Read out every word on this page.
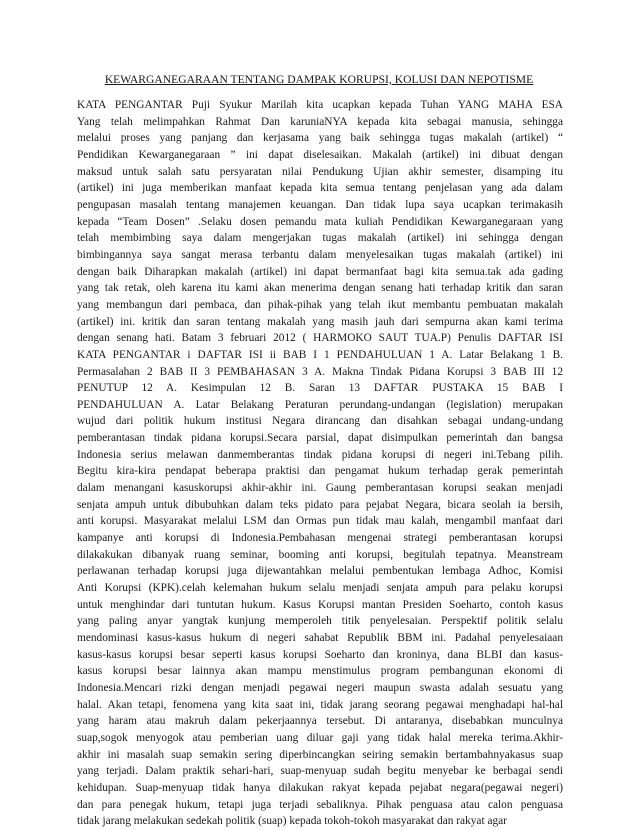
KEWARGANEGARAAN TENTANG DAMPAK KORUPSI, KOLUSI DAN NEPOTISME
KATA PENGANTAR Puji Syukur Marilah kita ucapkan kepada Tuhan YANG MAHA ESA
Yang telah melimpahkan Rahmat Dan karuniaNYA kepada kita sebagai manusia, sehingga
melalui proses yang panjang dan kerjasama yang baik sehingga tugas makalah (artikel) “
Pendidikan Kewarganegaraan ” ini dapat diselesaikan. Makalah (artikel) ini dibuat dengan
maksud untuk salah satu persyaratan nilai Pendukung Ujian akhir semester, disamping itu
(artikel) ini juga memberikan manfaat kepada kita semua tentang penjelasan yang ada dalam
pengupasan masalah tentang manajemen keuangan. Dan tidak lupa saya ucapkan terimakasih
kepada “Team Dosen” .Selaku dosen pemandu mata kuliah Pendidikan Kewarganegaraan yang
telah membimbing saya dalam mengerjakan tugas makalah (artikel) ini sehingga dengan
bimbingannya saya sangat merasa terbantu dalam menyelesaikan tugas makalah (artikel) ini
dengan baik Diharapkan makalah (artikel) ini dapat bermanfaat bagi kita semua.tak ada gading
yang tak retak, oleh karena itu kami akan menerima dengan senang hati terhadap kritik dan saran
yang membangun dari pembaca, dan pihak-pihak yang telah ikut membantu pembuatan makalah
(artikel) ini. kritik dan saran tentang makalah yang masih jauh dari sempurna akan kami terima
dengan senang hati. Batam 3 februari 2012 ( HARMOKO SAUT TUA.P) Penulis DAFTAR ISI
KATA PENGANTAR i DAFTAR ISI ii BAB I 1 PENDAHULUAN 1 A. Latar Belakang 1 B.
Permasalahan 2 BAB II 3 PEMBAHASAN 3 A. Makna Tindak Pidana Korupsi 3 BAB III 12
PENUTUP 12 A. Kesimpulan 12 B. Saran 13 DAFTAR PUSTAKA 15 BAB I
PENDAHULUAN A. Latar Belakang Peraturan perundang-undangan (legislation) merupakan
wujud dari politik hukum institusi Negara dirancang dan disahkan sebagai undang-undang
pemberantasan tindak pidana korupsi.Secara parsial, dapat disimpulkan pemerintah dan bangsa
Indonesia serius melawan danmemberantas tindak pidana korupsi di negeri ini.Tebang pilih.
Begitu kira-kira pendapat beberapa praktisi dan pengamat hukum terhadap gerak pemerintah
dalam menangani kasuskorupsi akhir-akhir ini. Gaung pemberantasan korupsi seakan menjadi
senjata ampuh untuk dibubuhkan dalam teks pidato para pejabat Negara, bicara seolah ia bersih,
anti korupsi. Masyarakat melalui LSM dan Ormas pun tidak mau kalah, mengambil manfaat dari
kampanye anti korupsi di Indonesia.Pembahasan mengenai strategi pemberantasan korupsi
dilakakukan dibanyak ruang seminar, booming anti korupsi, begitulah tepatnya. Meanstream
perlawanan terhadap korupsi juga dijewantahkan melalui pembentukan lembaga Adhoc, Komisi
Anti Korupsi (KPK).celah kelemahan hukum selalu menjadi senjata ampuh para pelaku korupsi
untuk menghindar dari tuntutan hukum. Kasus Korupsi mantan Presiden Soeharto, contoh kasus
yang paling anyar yangtak kunjung memperoleh titik penyelesaian. Perspektif politik selalu
mendominasi kasus-kasus hukum di negeri sahabat Republik BBM ini. Padahal penyelesaiaan
kasus-kasus korupsi besar seperti kasus korupsi Soeharto dan kroninya, dana BLBI dan kasus-
kasus korupsi besar lainnya akan mampu menstimulus program pembangunan ekonomi di
Indonesia.Mencari rizki dengan menjadi pegawai negeri maupun swasta adalah sesuatu yang
halal. Akan tetapi, fenomena yang kita saat ini, tidak jarang seorang pegawai menghadapi hal-hal
yang haram atau makruh dalam pekerjaannya tersebut. Di antaranya, disebabkan munculnya
suap,sogok menyogok atau pemberian uang diluar gaji yang tidak halal mereka terima.Akhir-
akhir ini masalah suap semakin sering diperbincangkan seiring semakin bertambahnyakasus suap
yang terjadi. Dalam praktik sehari-hari, suap-menyuap sudah begitu menyebar ke berbagai sendi
kehidupan. Suap-menyuap tidak hanya dilakukan rakyat kepada pejabat negara(pegawai negeri)
dan para penegak hukum, tetapi juga terjadi sebaliknya. Pihak penguasa atau calon penguasa
tidak jarang melakukan sedekah politik (suap) kepada tokoh-tokoh masyarakat dan rakyat agar
